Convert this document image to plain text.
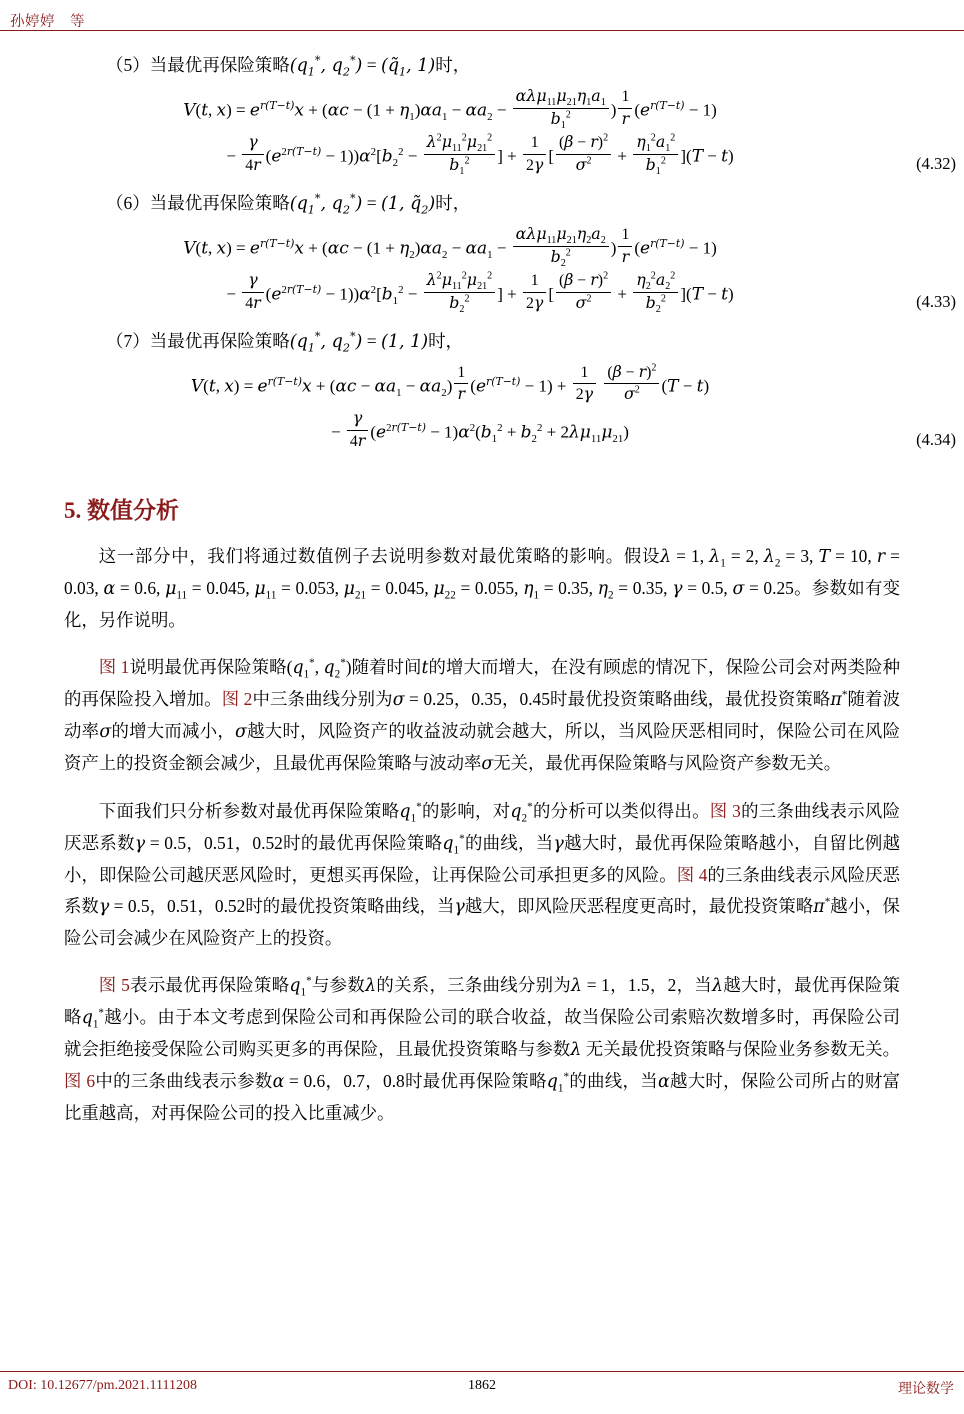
孙婷婷　等
（5）当最优再保险策略($q_1^*$, $q_2^*$) = ($q̃_1$, 1)时，
V(t, $x) = e^{r(T-t)}x + (\alpha c - (1 + \eta_1)\alpha a_1 - \alpha a_2 - \frac{\alpha\lambda\mu_{11}\mu_{21}\eta_1a_1}{b_1^2}$ ) $\frac{1}{r} (e^{r(T-t)} - 1)$
− $\frac{\gamma}{4r} (e^{2r(T-t)} - 1))\alpha^2[b_2^2 - \frac{\lambda^2\mu_{11}^2\mu_{21}^2}{b_1^2}$ ] + $\frac{1}{2\gamma}$ [ $\frac{(\beta - r)^2}{\sigma^2} + \frac{\eta_1^2a_1^2}{b_1^2} ](T - t)$	(4.32)
（6）当最优再保险策略($q_1^*$, $q_2^*) = (1$, $q̃_2$)时，
V(t, $x) = e^{r(T-t)}x + (\alpha c - (1 + \eta_2)\alpha a_2 - \alpha a_1 - \frac{\alpha\lambda\mu_{11}\mu_{21}\eta_2a_2}{b_2^2}$ ) $\frac{1}{r} (e^{r(T-t)} - 1)$
− $\frac{\gamma}{4r} (e^{2r(T-t)} - 1))\alpha^2[b_1^2 - \frac{\lambda^2\mu_{11}^2\mu_{21}^2}{b_2^2}$ ] + $\frac{1}{2\gamma}$ [ $\frac{(\beta - r)^2}{\sigma^2} + \frac{\eta_2^2a_2^2}{b_2^2} ](T - t)$	(4.33)
（7）当最优再保险策略($q_1^*$, $q_2^*) = (1$, 1)时，
V(t, $x) = e^{r(T-t)}x + (\alpha c - \alpha a_1 - \alpha a_2) \frac{1}{r} (e^{r(T-t)} - 1) + \frac{1}{2\gamma}$
$\frac{(\beta - r)^2}{\sigma^2} (T - t)$
− $\frac{\gamma}{4r} (e^{2r(T-t)} - 1)\alpha^2(b_1^2 + b_2^2 + 2\lambda\mu_{11}\mu_{21})$	(4.34)
5. 数值分析

这一部分中，我们将通过数值例子去说明参数对最优策略的影响。假设λ = 1, $\lambda_1 = 2$, $\lambda_2 = 3$, T = 10, r = 0.03, α = 0.6, $\mu_{11} = 0.045$, $\mu_{11} = 0.053$, $\mu_{21} = 0.045$, $\mu_{22} = 0.055$, $\eta_1 = 0.35$, $\eta_2 = 0.35$, γ = 0.5, σ = 0.25。参数如有变化，另作说明。

图 1说明最优再保险策略($q_1^*$, $q_2^*$)随着时间t的增大而增大，在没有顾虑的情况下，保险公司会对两类险种的再保险投入增加。图 2中三条曲线分别为σ = 0.25，0.35，0.45时最优投资策略曲线，最优投资策略π*随着波动率σ的增大而减小，σ越大时，风险资产的收益波动就会越大，所以，当风险厌恶相同时，保险公司在风险资产上的投资金额会减少，且最优再保险策略与波动率σ无关，最优再保险策略与风险资产参数无关。

下面我们只分析参数对最优再保险策略$q_1^*$的影响，对$q_2^*$的分析可以类似得出。图 3的三条曲线表示风险厌恶系数γ = 0.5，0.51，0.52时的最优再保险策略$q_1^*$的曲线，当γ越大时，最优再保险策略越小，自留比例越小，即保险公司越厌恶风险时，更想买再保险，让再保险公司承担更多的风险。图 4的三条曲线表示风险厌恶系数γ = 0.5，0.51，0.52时的最优投资策略曲线，当γ越大，即风险厌恶程度更高时，最优投资策略π*越小，保险公司会减少在风险资产上的投资。

图 5表示最优再保险策略$q_1^*$与参数λ的关系，三条曲线分别为λ = 1，1.5，2，当λ越大时，最优再保险策略$q_1^*$越小。由于本文考虑到保险公司和再保险公司的联合收益，故当保险公司索赔次数增多时，再保险公司就会拒绝接受保险公司购买更多的再保险，且最优投资策略与参数λ 无关最优投资策略与保险业务参数无关。图 6中的三条曲线表示参数α = 0.6，0.7，0.8时最优再保险策略$q_1^*$的曲线，当α越大时，保险公司所占的财富比重越高，对再保险公司的投入比重减少。

DOI: 10.12677/pm.2021.1111208	1862	理论数学
